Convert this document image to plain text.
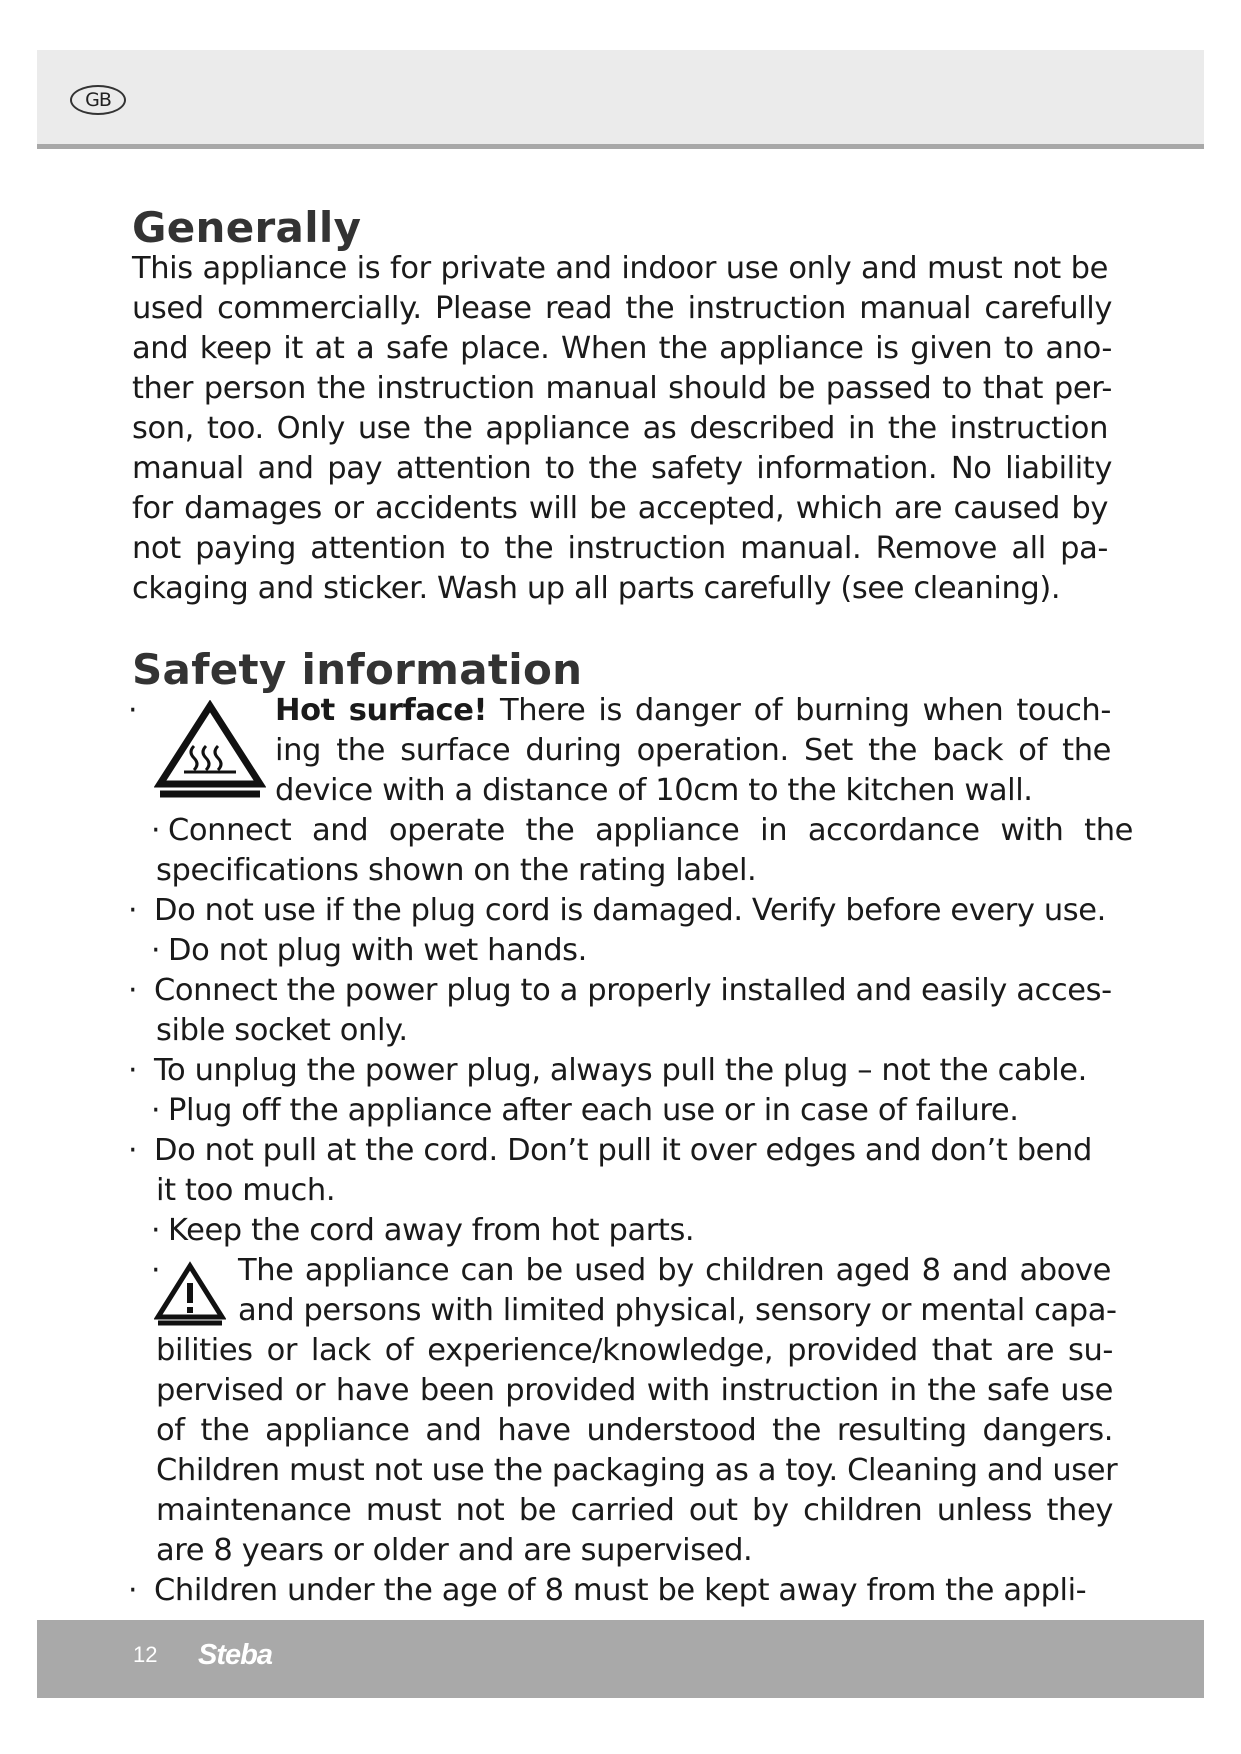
GB
Generally
This appliance is for private and indoor use only and must not be
used commercially. Please read the instruction manual carefully
and keep it at a safe place. When the appliance is given to ano-
ther person the instruction manual should be passed to that per-
son, too. Only use the appliance as described in the instruction
manual and pay attention to the safety information. No liability
for damages or accidents will be accepted, which are caused by
not paying attention to the instruction manual. Remove all pa-
ckaging and sticker. Wash up all parts carefully (see cleaning).
Safety information
·	Hot surface! There is danger of burning when touch-
ing the surface during operation. Set the back of the
device with a distance of 10cm to the kitchen wall.
· Connect and operate the appliance in accordance with the
specifications shown on the rating label.
· Do not use if the plug cord is damaged. Verify before every use.
· Do not plug with wet hands.
· Connect the power plug to a properly installed and easily acces-
sible socket only.
· To unplug the power plug, always pull the plug – not the cable.
· Plug off the appliance after each use or in case of failure.
· Do not pull at the cord. Don’t pull it over edges and don’t bend
it too much.
· Keep the cord away from hot parts.
·	The appliance can be used by children aged 8 and above
and persons with limited physical, sensory or mental capa-
bilities or lack of experience/knowledge, provided that are su-
pervised or have been provided with instruction in the safe use
of the appliance and have understood the resulting dangers.
Children must not use the packaging as a toy. Cleaning and user
maintenance must not be carried out by children unless they
are 8 years or older and are supervised.
· Children under the age of 8 must be kept away from the appli-
12 Steba
